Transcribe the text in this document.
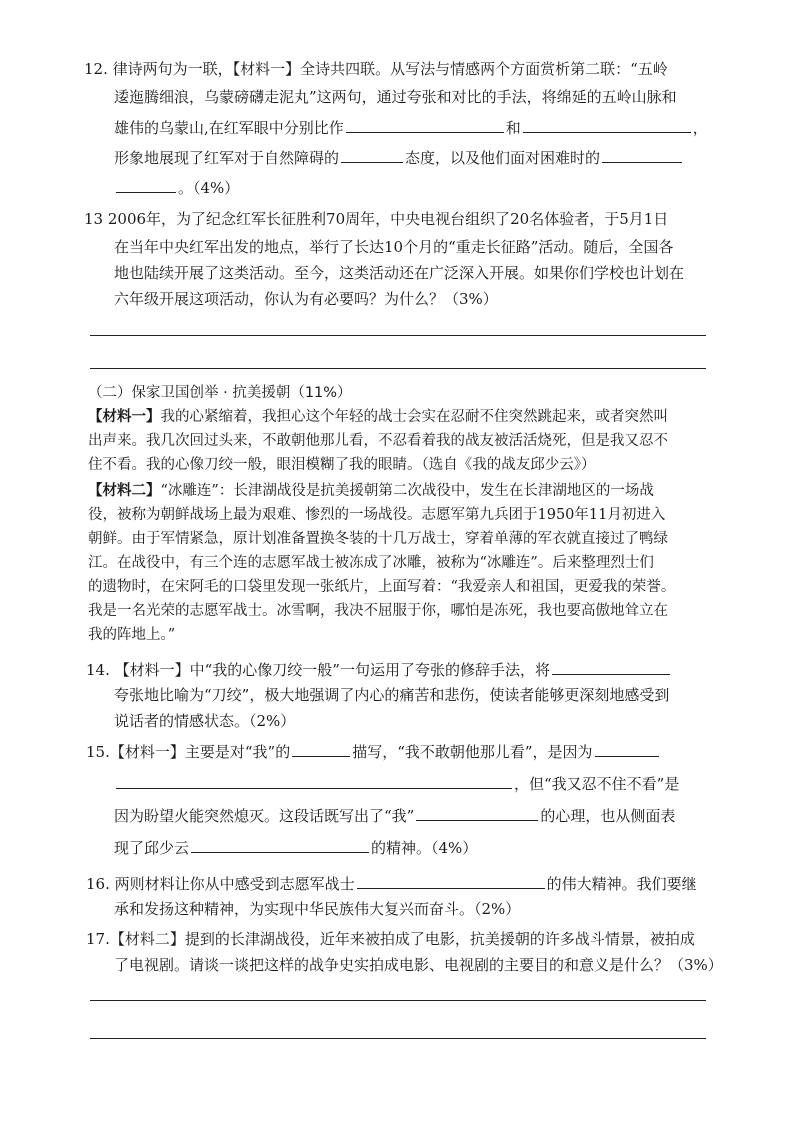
12. 律诗两句为一联，【材料一】全诗共四联。从写法与情感两个方面赏析第二联：“五岭
逶迤腾细浪，乌蒙磅礴走泥丸”这两句，通过夸张和对比的手法，将绵延的五岭山脉和
雄伟的乌蒙山,在红军眼中分别比作	和	，
形象地展现了红军对于自然障碍的	态度，以及他们面对困难时的
。（4%）
13 2006年，为了纪念红军长征胜利70周年，中央电视台组织了20名体验者，于5月1日
在当年中央红军出发的地点，举行了长达10个月的“重走长征路”活动。随后，全国各
地也陆续开展了这类活动。至今，这类活动还在广泛深入开展。如果你们学校也计划在
六年级开展这项活动，你认为有必要吗？为什么？（3%）
（二）保家卫国创举 · 抗美援朝（11%）
【材料一】我的心紧缩着，我担心这个年轻的战士会实在忍耐不住突然跳起来，或者突然叫
出声来。我几次回过头来，不敢朝他那儿看，不忍看着我的战友被活活烧死，但是我又忍不
住不看。我的心像刀绞一般，眼泪模糊了我的眼睛。（选自《我的战友邱少云》）
【材料二】“冰雕连”：长津湖战役是抗美援朝第二次战役中，发生在长津湖地区的一场战
役，被称为朝鲜战场上最为艰难、惨烈的一场战役。志愿军第九兵团于1950年11月初进入
朝鲜。由于军情紧急，原计划准备置换冬装的十几万战士，穿着单薄的军衣就直接过了鸭绿
江。在战役中，有三个连的志愿军战士被冻成了冰雕，被称为“冰雕连”。后来整理烈士们
的遗物时，在宋阿毛的口袋里发现一张纸片，上面写着：“我爱亲人和祖国，更爱我的荣誉。
我是一名光荣的志愿军战士。冰雪啊，我决不屈服于你，哪怕是冻死，我也要高傲地耸立在
我的阵地上。”
14. 【材料一】中“我的心像刀绞一般”一句运用了夸张的修辞手法，将
夸张地比喻为“刀绞”，极大地强调了内心的痛苦和悲伤，使读者能够更深刻地感受到
说话者的情感状态。（2%）
15.【材料一】主要是对“我”的	描写，“我不敢朝他那儿看”，是因为
，但“我又忍不住不看”是
因为盼望火能突然熄灭。这段话既写出了“我”	的心理，也从侧面表
现了邱少云	的精神。（4%）
16. 两则材料让你从中感受到志愿军战士	的伟大精神。我们要继
承和发扬这种精神，为实现中华民族伟大复兴而奋斗。（2%）
17.【材料二】提到的长津湖战役，近年来被拍成了电影，抗美援朝的许多战斗情景，被拍成
了电视剧。请谈一谈把这样的战争史实拍成电影、电视剧的主要目的和意义是什么？（3%）
